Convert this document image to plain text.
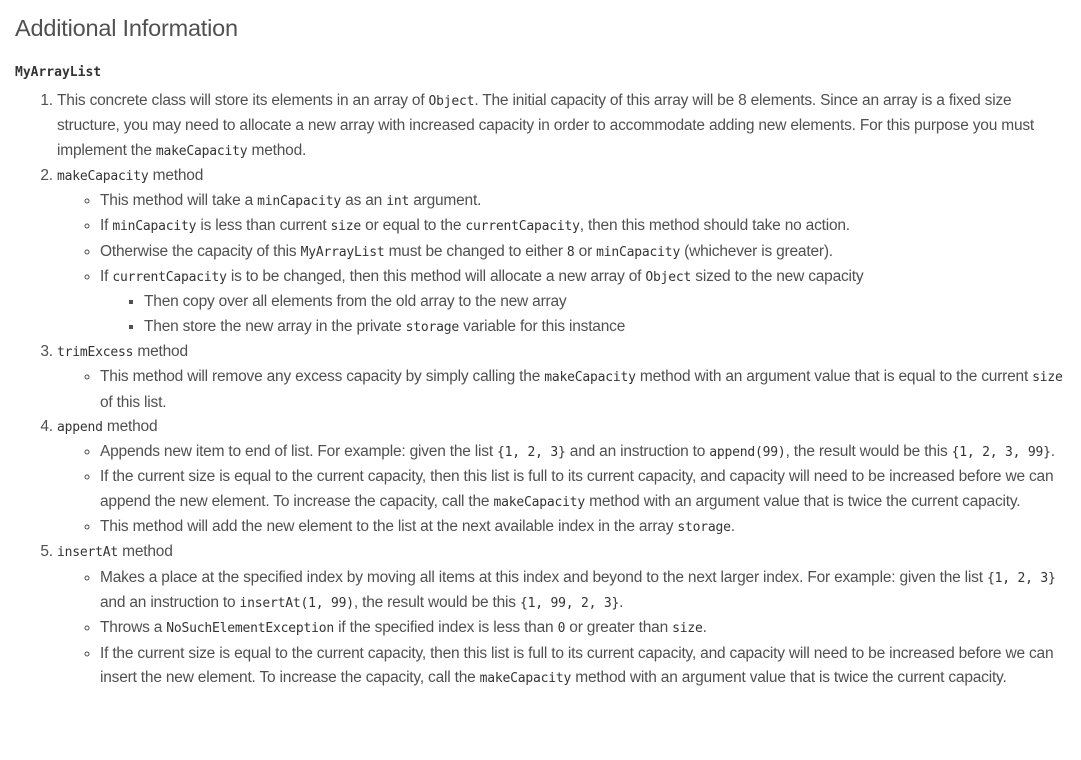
Additional Information
MyArrayList
1. This concrete class will store its elements in an array of Object. The initial capacity of this array will be 8 elements. Since an array is a fixed size structure, you may need to allocate a new array with increased capacity in order to accommodate adding new elements. For this purpose you must implement the makeCapacity method.
2. makeCapacity method
◦ This method will take a minCapacity as an int argument.
◦ If minCapacity is less than current size or equal to the currentCapacity, then this method should take no action.
◦ Otherwise the capacity of this MyArrayList must be changed to either 8 or minCapacity (whichever is greater).
◦ If currentCapacity is to be changed, then this method will allocate a new array of Object sized to the new capacity
▪ Then copy over all elements from the old array to the new array
▪ Then store the new array in the private storage variable for this instance
3. trimExcess method
◦ This method will remove any excess capacity by simply calling the makeCapacity method with an argument value that is equal to the current size of this list.
4. append method
◦ Appends new item to end of list. For example: given the list {1, 2, 3} and an instruction to append(99), the result would be this {1, 2, 3, 99}.
◦ If the current size is equal to the current capacity, then this list is full to its current capacity, and capacity will need to be increased before we can append the new element. To increase the capacity, call the makeCapacity method with an argument value that is twice the current capacity.
◦ This method will add the new element to the list at the next available index in the array storage.
5. insertAt method
◦ Makes a place at the specified index by moving all items at this index and beyond to the next larger index. For example: given the list {1, 2, 3} and an instruction to insertAt(1, 99), the result would be this {1, 99, 2, 3}.
◦ Throws a NoSuchElementException if the specified index is less than 0 or greater than size.
◦ If the current size is equal to the current capacity, then this list is full to its current capacity, and capacity will need to be increased before we can insert the new element. To increase the capacity, call the makeCapacity method with an argument value that is twice the current capacity.
